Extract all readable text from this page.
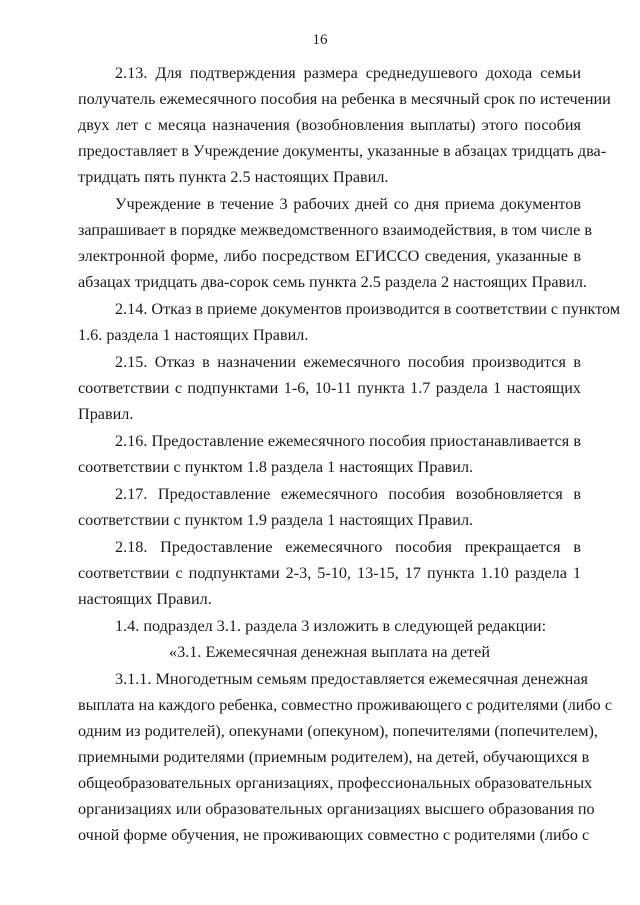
16
2.13. Для подтверждения размера среднедушевого дохода семьи
получатель ежемесячного пособия на ребенка в месячный срок по истечении
двух лет с месяца назначения (возобновления выплаты) этого пособия
предоставляет в Учреждение документы, указанные в абзацах тридцать два-
тридцать пять пункта 2.5 настоящих Правил.
Учреждение в течение 3 рабочих дней со дня приема документов
запрашивает в порядке межведомственного взаимодействия, в том числе в
электронной форме, либо посредством ЕГИССО сведения, указанные в
абзацах тридцать два-сорок семь пункта 2.5 раздела 2 настоящих Правил.
2.14. Отказ в приеме документов производится в соответствии с пунктом
1.6. раздела 1 настоящих Правил.
2.15. Отказ в назначении ежемесячного пособия производится в
соответствии с подпунктами 1-6, 10-11 пункта 1.7 раздела 1 настоящих
Правил.
2.16. Предоставление ежемесячного пособия приостанавливается в
соответствии с пунктом 1.8 раздела 1 настоящих Правил.
2.17. Предоставление ежемесячного пособия возобновляется в
соответствии с пунктом 1.9 раздела 1 настоящих Правил.
2.18. Предоставление ежемесячного пособия прекращается в
соответствии с подпунктами 2-3, 5-10, 13-15, 17 пункта 1.10 раздела 1
настоящих Правил.
1.4. подраздел 3.1. раздела 3 изложить в следующей редакции:
«3.1. Ежемесячная денежная выплата на детей
3.1.1. Многодетным семьям предоставляется ежемесячная денежная
выплата на каждого ребенка, совместно проживающего с родителями (либо с
одним из родителей), опекунами (опекуном), попечителями (попечителем),
приемными родителями (приемным родителем), на детей, обучающихся в
общеобразовательных организациях, профессиональных образовательных
организациях или образовательных организациях высшего образования по
очной форме обучения, не проживающих совместно с родителями (либо с
